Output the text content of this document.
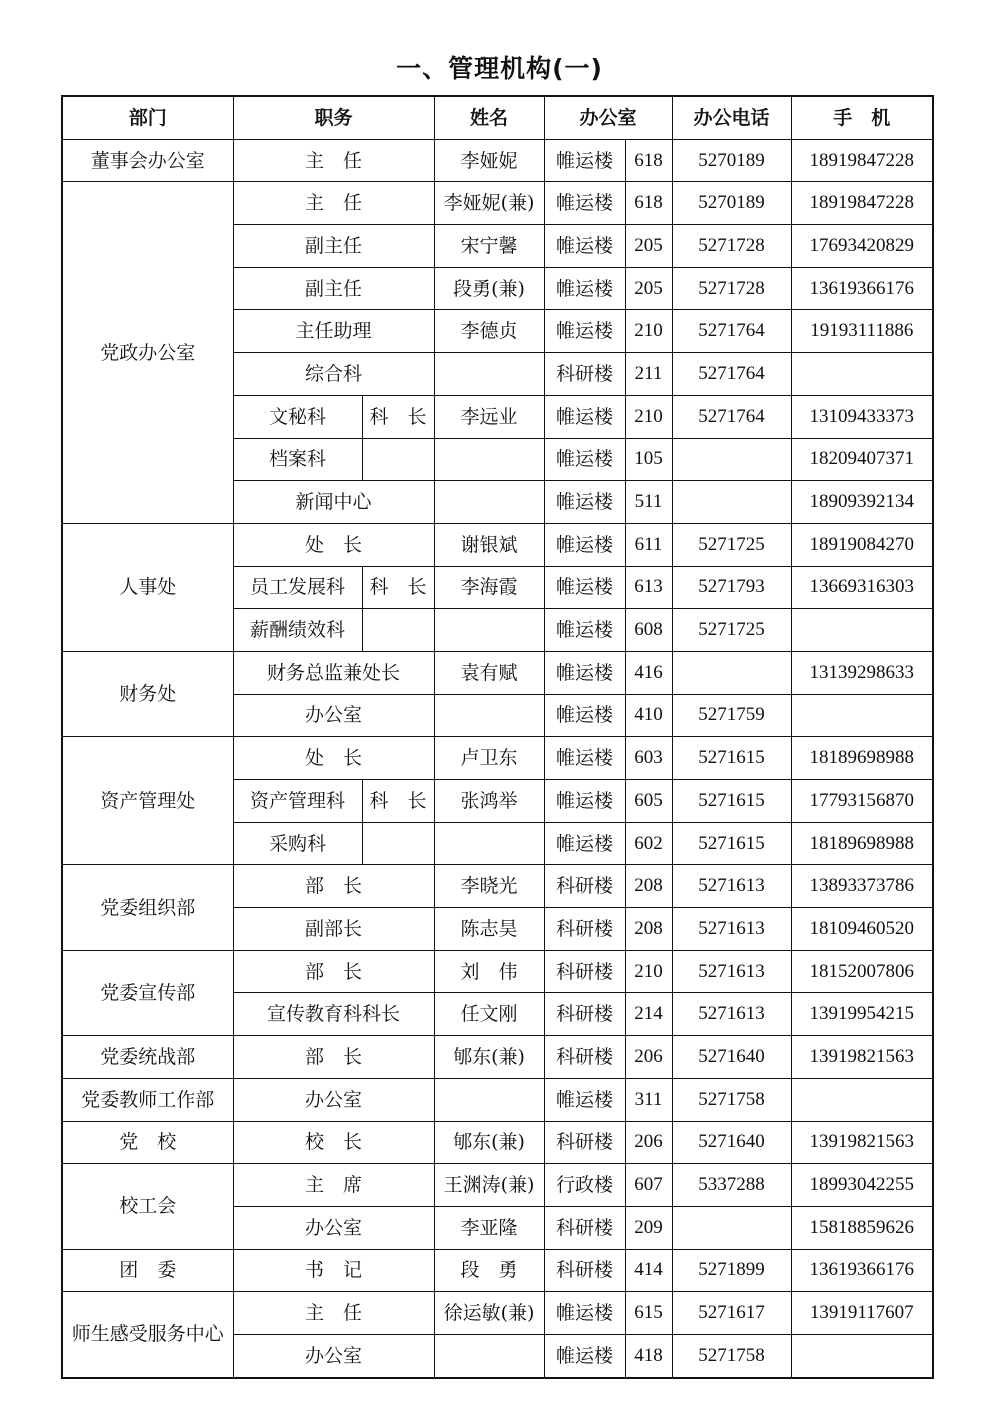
一、管理机构(一)
部门	职务		姓名	办公室		办公电话	手　机
董事会办公室	主　任		李娅妮	帷运楼	618	5270189	18919847228
党政办公室	主　任		李娅妮(兼)	帷运楼	618	5270189	18919847228
	副主任		宋宁馨	帷运楼	205	5271728	17693420829
	副主任		段勇(兼)	帷运楼	205	5271728	13619366176
	主任助理		李德贞	帷运楼	210	5271764	19193111886
	综合科			科研楼	211	5271764	
	文秘科	科　长	李远业	帷运楼	210	5271764	13109433373
	档案科			帷运楼	105		18209407371
	新闻中心			帷运楼	511		18909392134
人事处	处　长		谢银斌	帷运楼	611	5271725	18919084270
	员工发展科	科　长	李海霞	帷运楼	613	5271793	13669316303
	薪酬绩效科			帷运楼	608	5271725	
财务处	财务总监兼处长		袁有赋	帷运楼	416		13139298633
	办公室			帷运楼	410	5271759	
资产管理处	处　长		卢卫东	帷运楼	603	5271615	18189698988
	资产管理科	科　长	张鸿举	帷运楼	605	5271615	17793156870
	采购科			帷运楼	602	5271615	18189698988
党委组织部	部　长		李晓光	科研楼	208	5271613	13893373786
	副部长		陈志昊	科研楼	208	5271613	18109460520
党委宣传部	部　长		刘　伟	科研楼	210	5271613	18152007806
	宣传教育科科长		任文刚	科研楼	214	5271613	13919954215
党委统战部	部　长		郇东(兼)	科研楼	206	5271640	13919821563
党委教师工作部	办公室			帷运楼	311	5271758	
党　校	校　长		郇东(兼)	科研楼	206	5271640	13919821563
校工会	主　席		王渊涛(兼)	行政楼	607	5337288	18993042255
	办公室		李亚隆	科研楼	209		15818859626
团　委	书　记		段　勇	科研楼	414	5271899	13619366176
师生感受服务中心	主　任		徐运敏(兼)	帷运楼	615	5271617	13919117607
	办公室			帷运楼	418	5271758	
